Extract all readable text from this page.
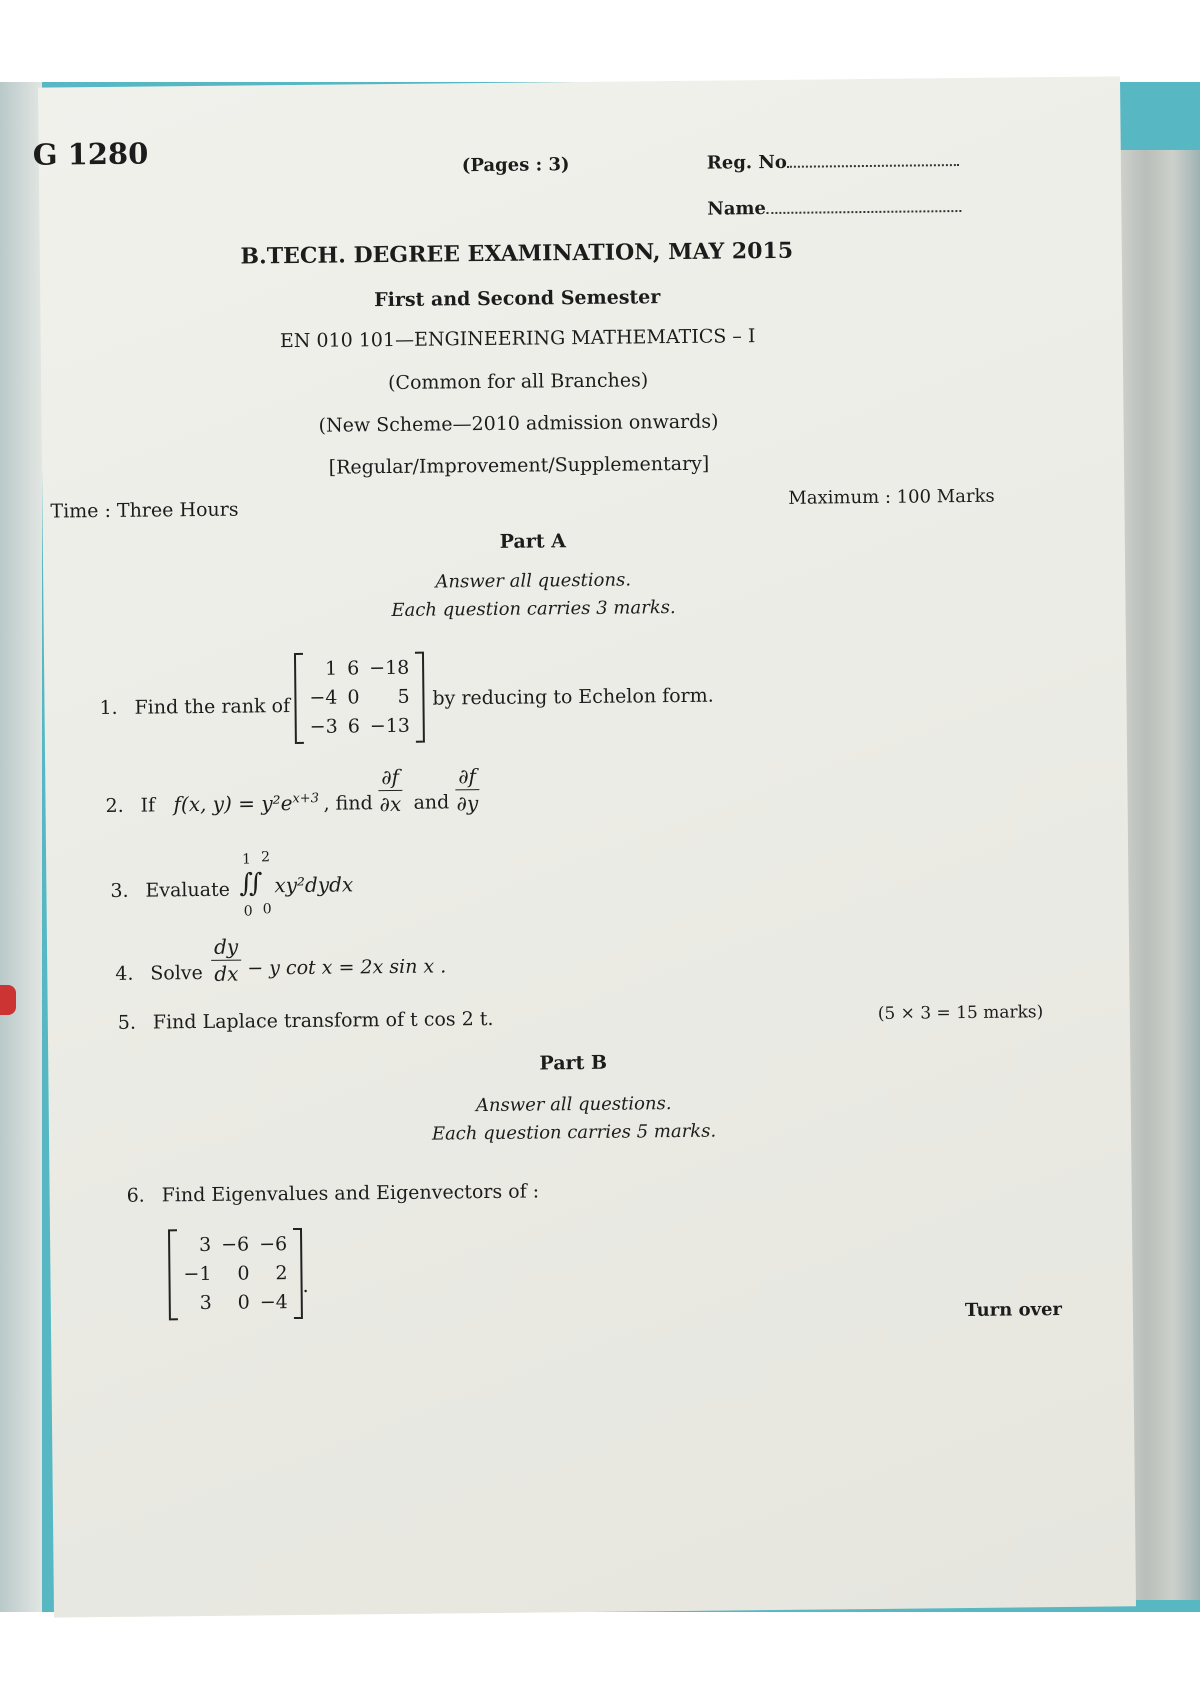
G 1280	(Pages : 3)	Reg. No
Name
B.TECH. DEGREE EXAMINATION, MAY 2015
First and Second Semester
EN 010 101—ENGINEERING MATHEMATICS – I
(Common for all Branches)
(New Scheme—2010 admission onwards)
[Regular/Improvement/Supplementary]
Time : Three Hours
Maximum : 100 Marks
Part A
Answer all questions.
Each question carries 3 marks.
1. Find the rank of
1 6 −18
−4 0	5
−3 6 −13
by reducing to Echelon form.
2. If f(x, $y) = y^2e^{x+3}$ , find $\frac{\partial f}{\partial x}$ and $\frac{\partial f}{\partial y}$
3. Evaluate
1 2
∫∫
0 0
xy²dydx
4. Solve $\frac{dy}{dx} - y$ cot x = 2x sin x .
5. Find Laplace transform of t cos 2 t.	(5 × 3 = 15 marks)
Part B
Answer all questions.
Each question carries 5 marks.
6. Find Eigenvalues and Eigenvectors of :
3 −6 −6
−1	0	2
3	0 −4
.
Turn over
